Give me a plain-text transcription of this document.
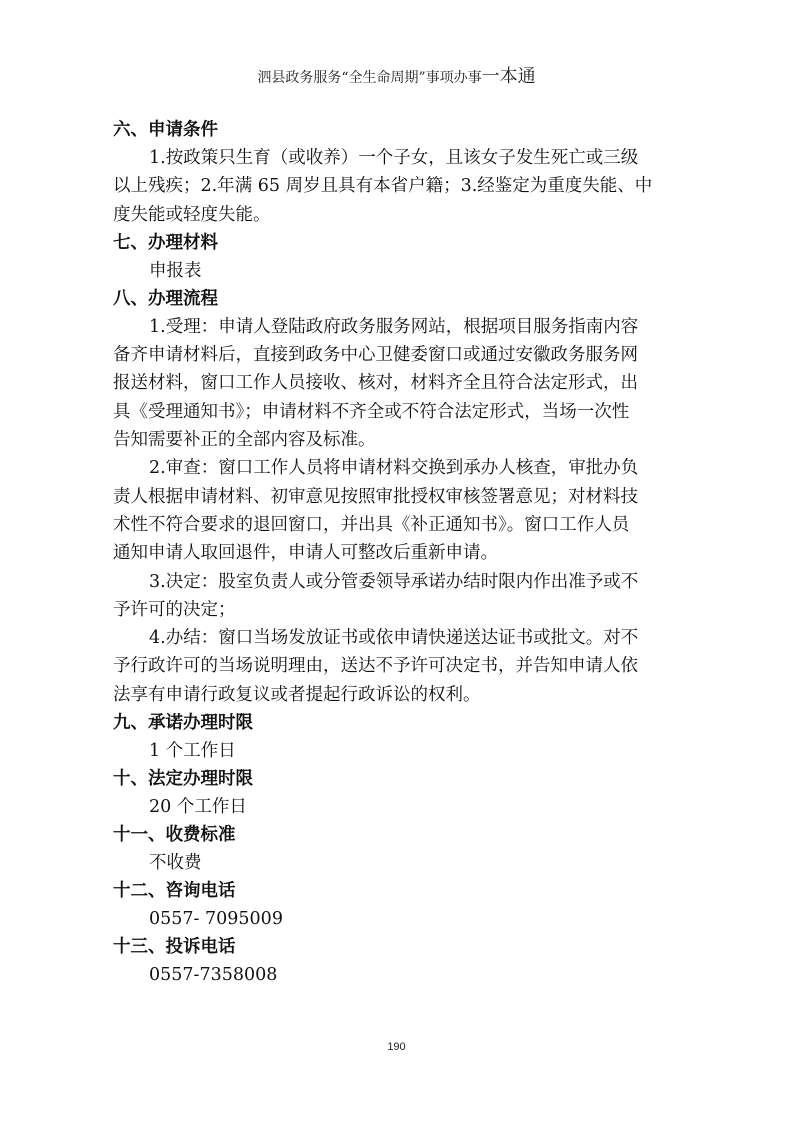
泗县政务服务“全生命周期”事项办事一本通
六、申请条件
1.按政策只生育（或收养）一个子女，且该女子发生死亡或三级
以上残疾；2.年满 65 周岁且具有本省户籍；3.经鉴定为重度失能、中
度失能或轻度失能。
七、办理材料
申报表
八、办理流程
1.受理：申请人登陆政府政务服务网站，根据项目服务指南内容
备齐申请材料后，直接到政务中心卫健委窗口或通过安徽政务服务网
报送材料，窗口工作人员接收、核对，材料齐全且符合法定形式，出
具《受理通知书》；申请材料不齐全或不符合法定形式，当场一次性
告知需要补正的全部内容及标准。
2.审查：窗口工作人员将申请材料交换到承办人核查，审批办负
责人根据申请材料、初审意见按照审批授权审核签署意见；对材料技
术性不符合要求的退回窗口，并出具《补正通知书》。窗口工作人员
通知申请人取回退件，申请人可整改后重新申请。
3.决定：股室负责人或分管委领导承诺办结时限内作出准予或不
予许可的决定；
4.办结：窗口当场发放证书或依申请快递送达证书或批文。对不
予行政许可的当场说明理由，送达不予许可决定书，并告知申请人依
法享有申请行政复议或者提起行政诉讼的权利。
九、承诺办理时限
1 个工作日
十、法定办理时限
20 个工作日
十一、收费标准
不收费
十二、咨询电话
0557- 7095009
十三、投诉电话
0557-7358008
190
